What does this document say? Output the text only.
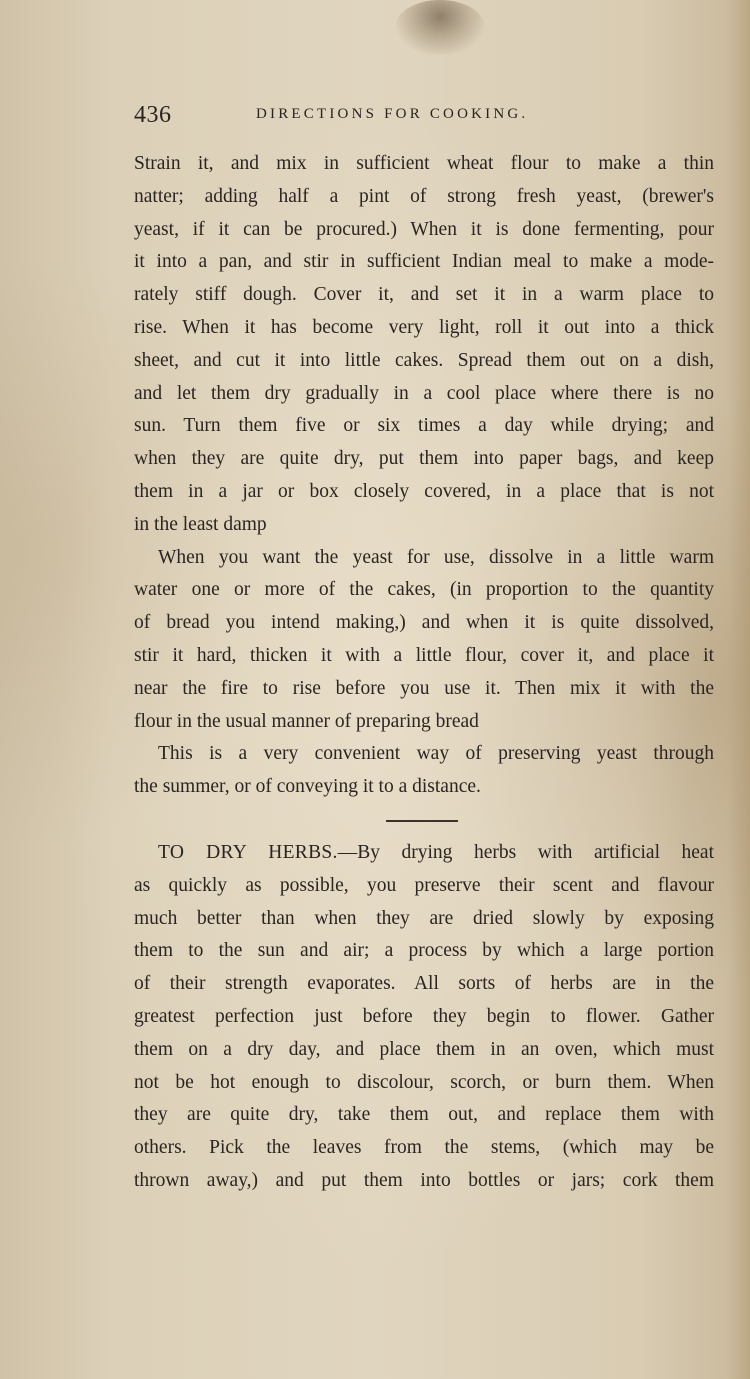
436	DIRECTIONS FOR COOKING.
Strain it, and mix in sufficient wheat flour to make a thin
natter; adding half a pint of strong fresh yeast, (brewer's
yeast, if it can be procured.) When it is done fermenting, pour
it into a pan, and stir in sufficient Indian meal to make a mode-
rately stiff dough. Cover it, and set it in a warm place to
rise. When it has become very light, roll it out into a thick
sheet, and cut it into little cakes. Spread them out on a dish,
and let them dry gradually in a cool place where there is no
sun. Turn them five or six times a day while drying; and
when they are quite dry, put them into paper bags, and keep
them in a jar or box closely covered, in a place that is not
in the least damp
When you want the yeast for use, dissolve in a little warm
water one or more of the cakes, (in proportion to the quantity
of bread you intend making,) and when it is quite dissolved,
stir it hard, thicken it with a little flour, cover it, and place it
near the fire to rise before you use it. Then mix it with the
flour in the usual manner of preparing bread
This is a very convenient way of preserving yeast through
the summer, or of conveying it to a distance.
TO DRY HERBS.—By drying herbs with artificial heat
as quickly as possible, you preserve their scent and flavour
much better than when they are dried slowly by exposing
them to the sun and air; a process by which a large portion
of their strength evaporates. All sorts of herbs are in the
greatest perfection just before they begin to flower. Gather
them on a dry day, and place them in an oven, which must
not be hot enough to discolour, scorch, or burn them. When
they are quite dry, take them out, and replace them with
others. Pick the leaves from the stems, (which may be
thrown away,) and put them into bottles or jars; cork them
